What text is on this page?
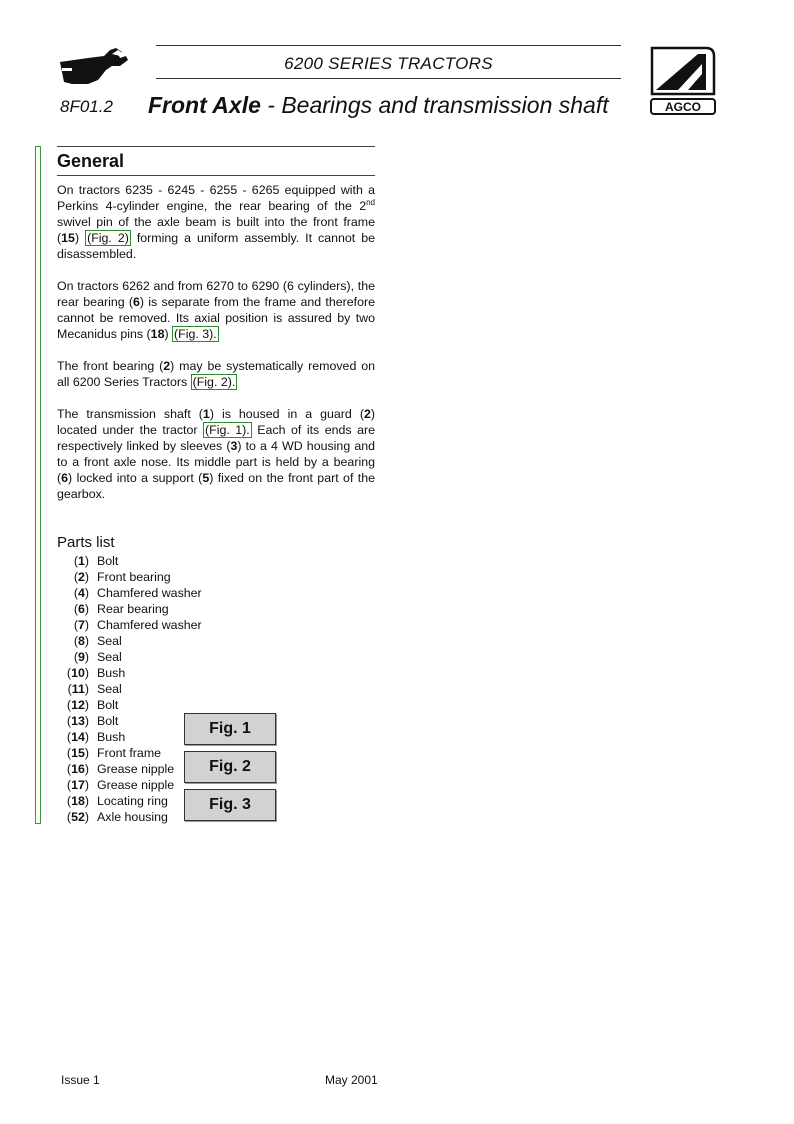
6200 SERIES TRACTORS
8F01.2 Front Axle - Bearings and transmission shaft	AGCO
General
On tractors 6235 - 6245 - 6255 - 6265 equipped with a Perkins 4-cylinder engine, the rear bearing of the 2nd swivel pin of the axle beam is built into the front frame (15) (Fig. 2) forming a uniform assembly. It cannot be disassembled.
On tractors 6262 and from 6270 to 6290 (6 cylinders), the rear bearing (6) is separate from the frame and therefore cannot be removed. Its axial position is assured by two Mecanidus pins (18) (Fig. 3).
The front bearing (2) may be systematically removed on all 6200 Series Tractors (Fig. 2).
The transmission shaft (1) is housed in a guard (2) located under the tractor (Fig. 1). Each of its ends are respectively linked by sleeves (3) to a 4 WD housing and to a front axle nose. Its middle part is held by a bearing (6) locked into a support (5) fixed on the front part of the gearbox.
Parts list
(1) Bolt
(2) Front bearing
(4) Chamfered washer
(6) Rear bearing
(7) Chamfered washer
(8) Seal
(9) Seal
(10) Bush
(11) Seal
(12) Bolt
(13) Bolt
(14) Bush
(15) Front frame
(16) Grease nipple
(17) Grease nipple
(18) Locating ring
(52) Axle housing
Fig. 1
Fig. 2
Fig. 3
Issue 1	May 2001
